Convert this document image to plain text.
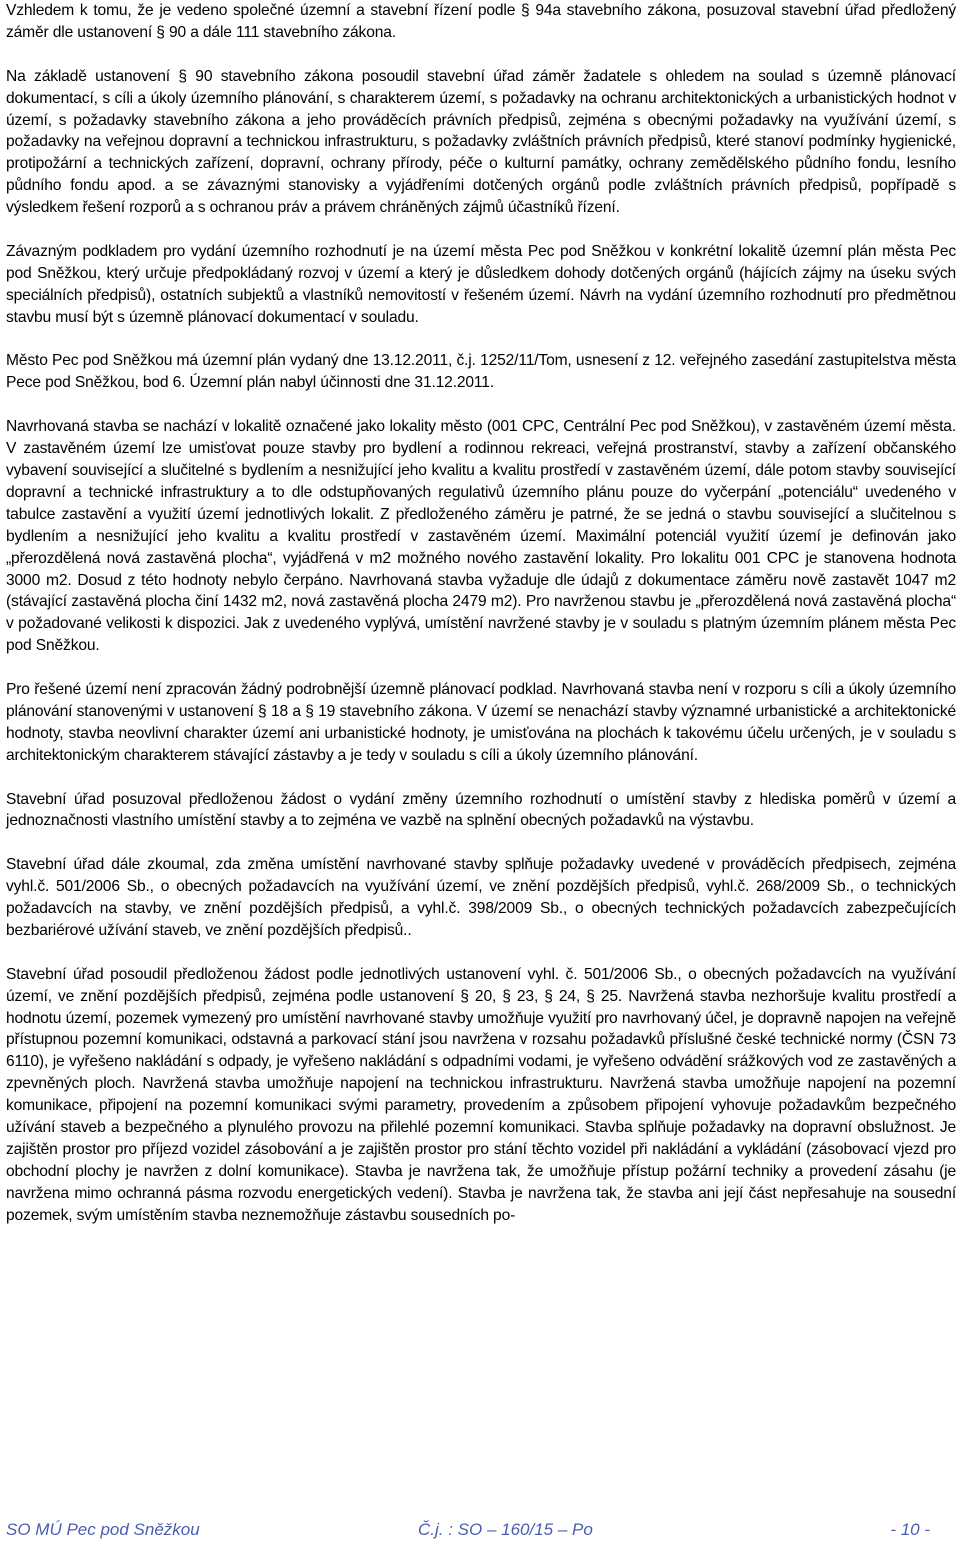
Vzhledem k tomu, že je vedeno společné územní a stavební řízení podle § 94a stavebního zákona, posuzoval stavební úřad předložený záměr dle ustanovení § 90 a dále 111 stavebního zákona.

Na základě ustanovení § 90 stavebního zákona posoudil stavební úřad záměr žadatele s ohledem na soulad s územně plánovací dokumentací, s cíli a úkoly územního plánování, s charakterem území, s požadavky na ochranu architektonických a urbanistických hodnot v území, s požadavky stavebního zákona a jeho prováděcích právních předpisů, zejména s obecnými požadavky na využívání území, s požadavky na veřejnou dopravní a technickou infrastrukturu, s požadavky zvláštních právních předpisů, které stanoví podmínky hygienické, protipožární a technických zařízení, dopravní, ochrany přírody, péče o kulturní památky, ochrany zemědělského půdního fondu, lesního půdního fondu apod. a se závaznými stanovisky a vyjádřeními dotčených orgánů podle zvláštních právních předpisů, popřípadě s výsledkem řešení rozporů a s ochranou práv a právem chráněných zájmů účastníků řízení.

Závazným podkladem pro vydání územního rozhodnutí je na území města Pec pod Sněžkou v konkrétní lokalitě územní plán města Pec pod Sněžkou, který určuje předpokládaný rozvoj v území a který je důsledkem dohody dotčených orgánů (hájících zájmy na úseku svých speciálních předpisů), ostatních subjektů a vlastníků nemovitostí v řešeném území. Návrh na vydání územního rozhodnutí pro předmětnou stavbu musí být s územně plánovací dokumentací v souladu.

Město Pec pod Sněžkou má územní plán vydaný dne 13.12.2011, č.j. 1252/11/Tom, usnesení z 12. veřejného zasedání zastupitelstva města Pece pod Sněžkou, bod 6. Územní plán nabyl účinnosti dne 31.12.2011.

Navrhovaná stavba se nachází v lokalitě označené jako lokality město (001 CPC, Centrální Pec pod Sněžkou), v zastavěném území města. V zastavěném území lze umisťovat pouze stavby pro bydlení a rodinnou rekreaci, veřejná prostranství, stavby a zařízení občanského vybavení související a slučitelné s bydlením a nesnižující jeho kvalitu a kvalitu prostředí v zastavěném území, dále potom stavby související dopravní a technické infrastruktury a to dle odstupňovaných regulativů územního plánu pouze do vyčerpání „potenciálu“ uvedeného v tabulce zastavění a využití území jednotlivých lokalit. Z předloženého záměru je patrné, že se jedná o stavbu související a slučitelnou s bydlením a nesnižující jeho kvalitu a kvalitu prostředí v zastavěném území. Maximální potenciál využití území je definován jako „přerozdělená nová zastavěná plocha“, vyjádřená v m2 možného nového zastavění lokality. Pro lokalitu 001 CPC je stanovena hodnota 3000 m2. Dosud z této hodnoty nebylo čerpáno. Navrhovaná stavba vyžaduje dle údajů z dokumentace záměru nově zastavět 1047 m2 (stávající zastavěná plocha činí 1432 m2, nová zastavěná plocha 2479 m2). Pro navrženou stavbu je „přerozdělená nová zastavěná plocha“ v požadované velikosti k dispozici. Jak z uvedeného vyplývá, umístění navržené stavby je v souladu s platným územním plánem města Pec pod Sněžkou.

Pro řešené území není zpracován žádný podrobnější územně plánovací podklad. Navrhovaná stavba není v rozporu s cíli a úkoly územního plánování stanovenými v ustanovení § 18 a § 19 stavebního zákona. V území se nenachází stavby významné urbanistické a architektonické hodnoty, stavba neovlivní charakter území ani urbanistické hodnoty, je umisťována na plochách k takovému účelu určených, je v souladu s architektonickým charakterem stávající zástavby a je tedy v souladu s cíli a úkoly územního plánování.

Stavební úřad posuzoval předloženou žádost o vydání změny územního rozhodnutí o umístění stavby z hlediska poměrů v území a jednoznačnosti vlastního umístění stavby a to zejména ve vazbě na splnění obecných požadavků na výstavbu.

Stavební úřad dále zkoumal, zda změna umístění navrhované stavby splňuje požadavky uvedené v prováděcích předpisech, zejména vyhl.č. 501/2006 Sb., o obecných požadavcích na využívání území, ve znění pozdějších předpisů, vyhl.č. 268/2009 Sb., o technických požadavcích na stavby, ve znění pozdějších předpisů, a vyhl.č. 398/2009 Sb., o obecných technických požadavcích zabezpečujících bezbariérové užívání staveb, ve znění pozdějších předpisů..

Stavební úřad posoudil předloženou žádost podle jednotlivých ustanovení vyhl. č. 501/2006 Sb., o obecných požadavcích na využívání území, ve znění pozdějších předpisů, zejména podle ustanovení § 20, § 23, § 24, § 25. Navržená stavba nezhoršuje kvalitu prostředí a hodnotu území, pozemek vymezený pro umístění navrhované stavby umožňuje využití pro navrhovaný účel, je dopravně napojen na veřejně přístupnou pozemní komunikaci, odstavná a parkovací stání jsou navržena v rozsahu požadavků příslušné české technické normy (ČSN 73 6110), je vyřešeno nakládání s odpady, je vyřešeno nakládání s odpadními vodami, je vyřešeno odvádění srážkových vod ze zastavěných a zpevněných ploch. Navržená stavba umožňuje napojení na technickou infrastrukturu. Navržená stavba umožňuje napojení na pozemní komunikace, připojení na pozemní komunikaci svými parametry, provedením a způsobem připojení vyhovuje požadavkům bezpečného užívání staveb a bezpečného a plynulého provozu na přilehlé pozemní komunikaci. Stavba splňuje požadavky na dopravní obslužnost. Je zajištěn prostor pro příjezd vozidel zásobování a je zajištěn prostor pro stání těchto vozidel při nakládání a vykládání (zásobovací vjezd pro obchodní plochy je navržen z dolní komunikace). Stavba je navržena tak, že umožňuje přístup požární techniky a provedení zásahu (je navržena mimo ochranná pásma rozvodu energetických vedení). Stavba je navržena tak, že stavba ani její část nepřesahuje na sousední pozemek, svým umístěním stavba neznemožňuje zástavbu sousedních po-

SO MÚ Pec pod Sněžkou	Č.j. : SO – 160/15 – Po	- 10 -
